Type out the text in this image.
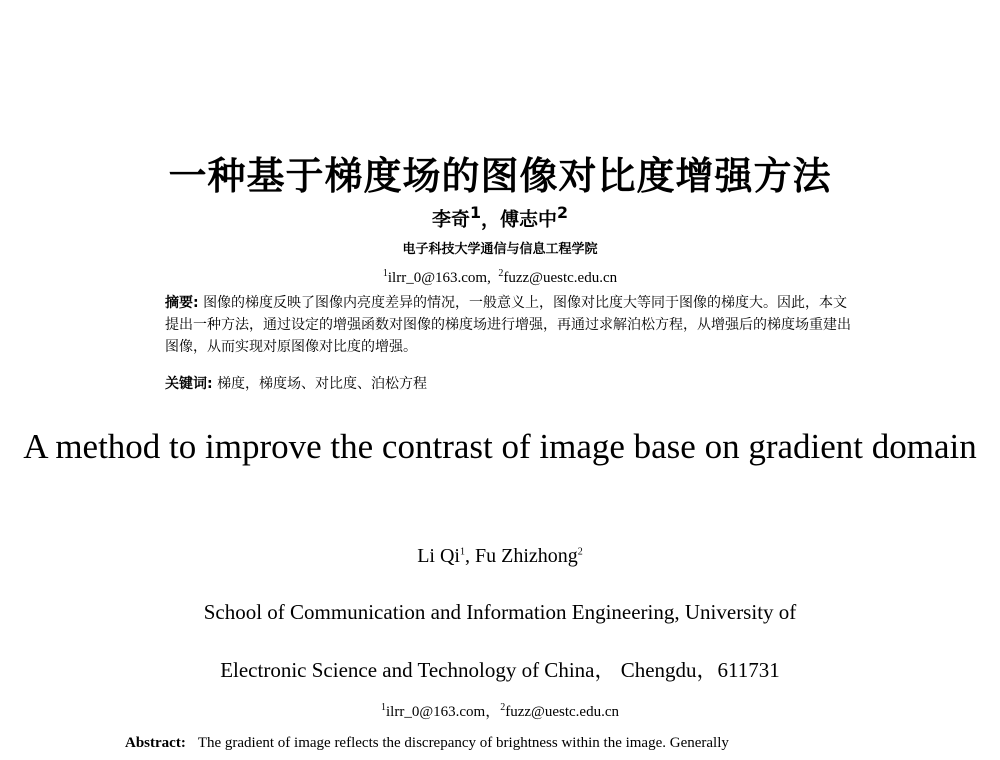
一种基于梯度场的图像对比度增强方法
李奇$^1$，傅志中$^2$
电子科技大学通信与信息工程学院
$^1$ilrr_0@163.com, $^2$fuzz@uestc.edu.cn
摘要: 图像的梯度反映了图像内亮度差异的情况，一般意义上，图像对比度大等同于图像的梯度大。因此，本文提出一种方法，通过设定的增强函数对图像的梯度场进行增强，再通过求解泊松方程，从增强后的梯度场重建出图像，从而实现对原图像对比度的增强。
关键词: 梯度，梯度场、对比度、泊松方程
A method to improve the contrast of image base on gradient domain
Li Qi$^1$, Fu Zhizhong$^2$
School of Communication and Information Engineering, University of
Electronic Science and Technology of China， Chengdu，611731
$^1$ilrr_0@163.com，$^2$fuzz@uestc.edu.cn
Abstract: The gradient of image reflects the discrepancy of brightness within the image. Generally
